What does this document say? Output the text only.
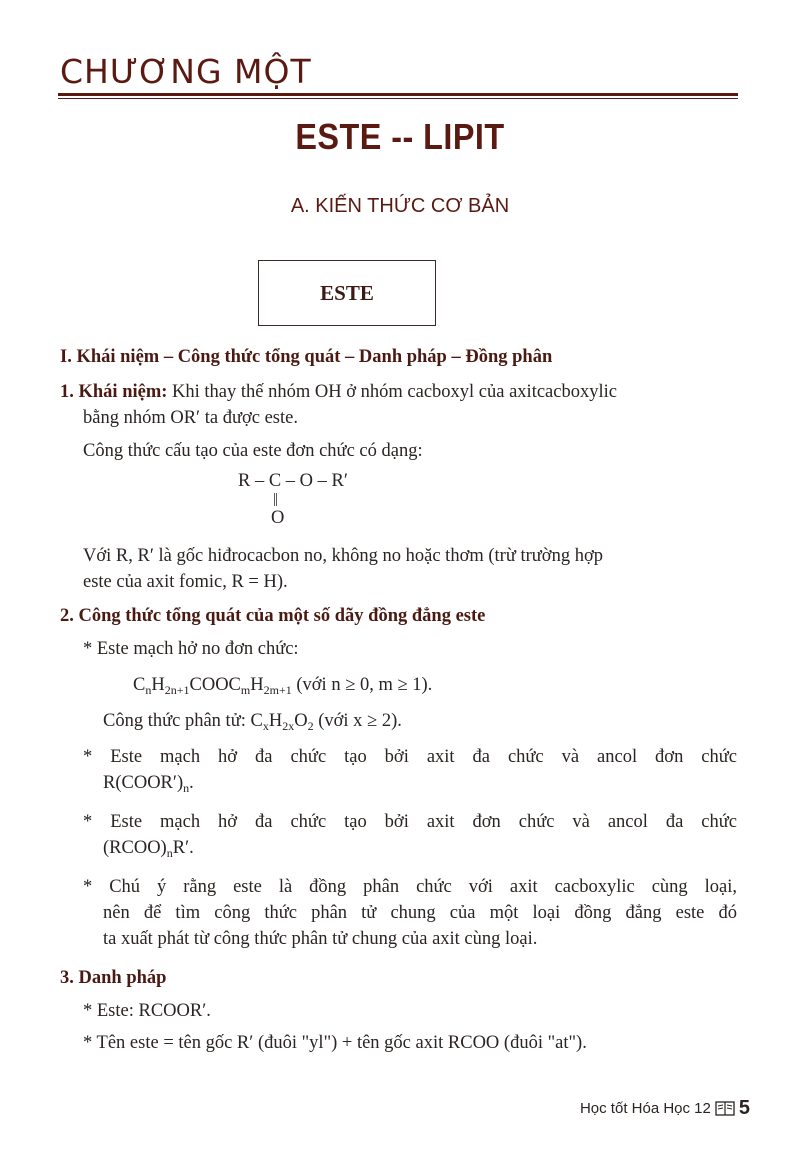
CHƯƠNG MỘT
ESTE -- LIPIT
A. KIẾN THỨC CƠ BẢN
ESTE
I. Khái niệm – Công thức tổng quát – Danh pháp – Đồng phân
1. Khái niệm: Khi thay thế nhóm OH ở nhóm cacboxyl của axitcacboxylic
bằng nhóm OR′ ta được este.
Công thức cấu tạo của este đơn chức có dạng:
R – C – O – R′
||
O
Với R, R′ là gốc hiđrocacbon no, không no hoặc thơm (trừ trường hợp
este của axit fomic, R = H).
2. Công thức tổng quát của một số dãy đồng đẳng este
* Este mạch hở no đơn chức:
$C_nH_{2n+1}COOC_mH_{2m+1}$ (với n ≥ 0, m ≥ 1).
Công thức phân tử: $C_xH_{2x}O_2$ (với x ≥ 2).
* Este mạch hở đa chức tạo bởi axit đa chức và ancol đơn chức
$R(COOR')_n$.
* Este mạch hở đa chức tạo bởi axit đơn chức và ancol đa chức
$(RCOO)_nR'$.
* Chú ý rằng este là đồng phân chức với axit cacboxylic cùng loại,
nên để tìm công thức phân tử chung của một loại đồng đẳng este đó
ta xuất phát từ công thức phân tử chung của axit cùng loại.
3. Danh pháp
* Este: RCOOR′.
* Tên este = tên gốc R′ (đuôi "yl") + tên gốc axit RCOO (đuôi "at").
Học tốt Hóa Học 12 5
